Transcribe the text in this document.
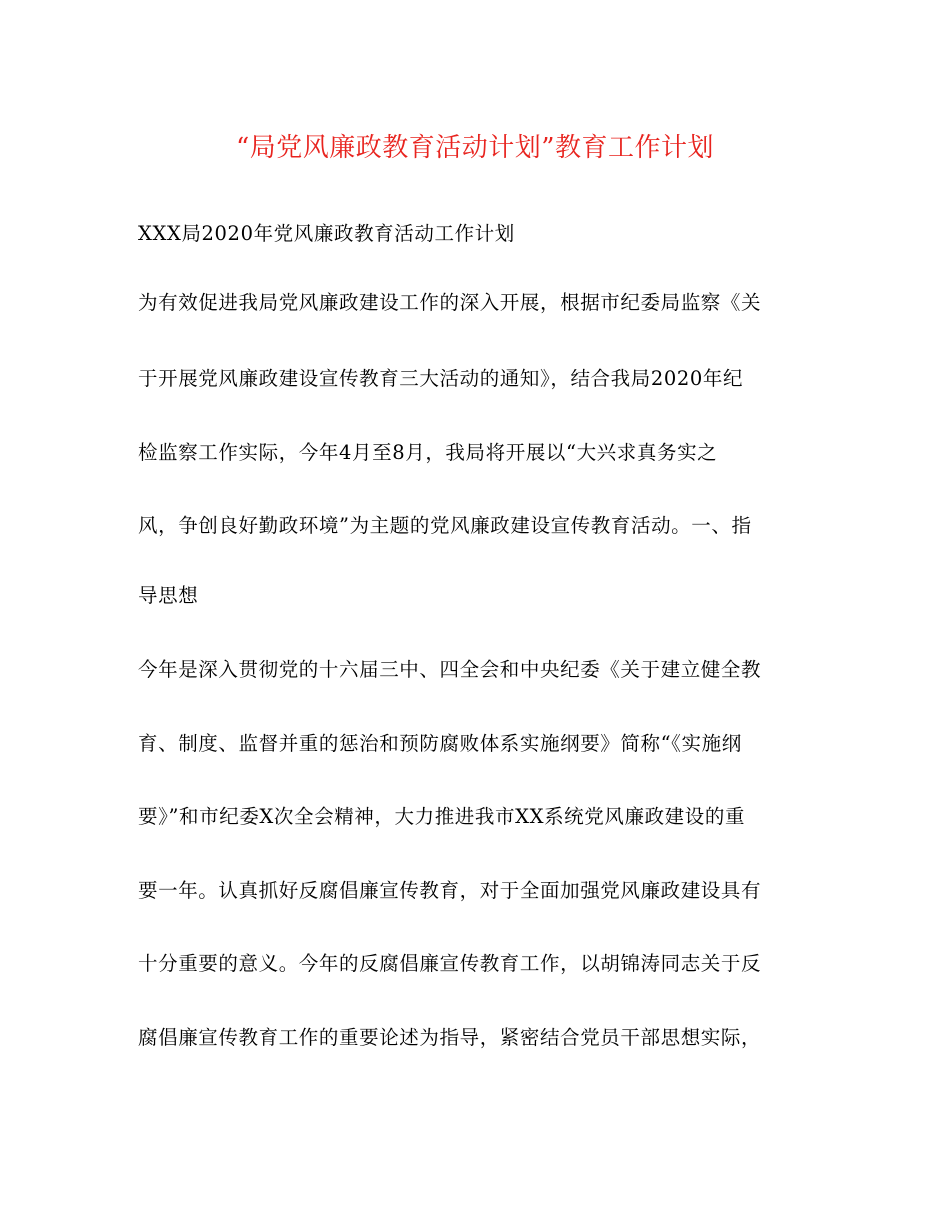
“局党风廉政教育活动计划”教育工作计划
XXX局2020年党风廉政教育活动工作计划
为有效促进我局党风廉政建设工作的深入开展，根据市纪委局监察《关
于开展党风廉政建设宣传教育三大活动的通知》，结合我局2020年纪
检监察工作实际，今年4月至8月，我局将开展以“大兴求真务实之
风，争创良好勤政环境”为主题的党风廉政建设宣传教育活动。一、指
导思想
今年是深入贯彻党的十六届三中、四全会和中央纪委《关于建立健全教
育、制度、监督并重的惩治和预防腐败体系实施纲要》简称“《实施纲
要》”和市纪委X次全会精神，大力推进我市XX系统党风廉政建设的重
要一年。认真抓好反腐倡廉宣传教育，对于全面加强党风廉政建设具有
十分重要的意义。今年的反腐倡廉宣传教育工作，以胡锦涛同志关于反
腐倡廉宣传教育工作的重要论述为指导，紧密结合党员干部思想实际，
